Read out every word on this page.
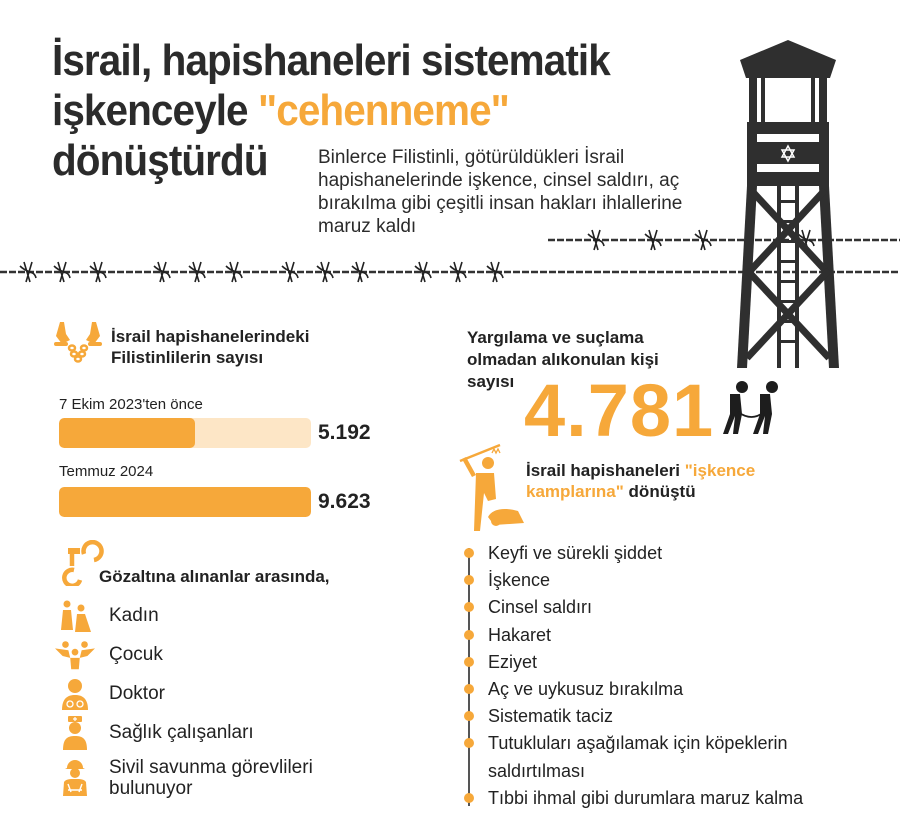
İsrail, hapishaneleri sistematik
işkenceyle "cehenneme"
dönüştürdü	Binlerce Filistinli, götürüldükleri İsrail hapishanelerinde işkence, cinsel saldırı, aç bırakılma gibi çeşitli insan hakları ihlallerine maruz kaldı
İsrail hapishanelerindeki Filistinlilerin sayısı
7 Ekim 2023'ten önce
5.192
Temmuz 2024
9.623
Gözaltına alınanlar arasında,
Kadın
Çocuk
Doktor
Sağlık çalışanları
Sivil savunma görevlileri bulunuyor
Yargılama ve suçlama olmadan alıkonulan kişi sayısı 4.781
İsrail hapishaneleri "işkence kamplarına" dönüştü
Keyfi ve sürekli şiddet
İşkence
Cinsel saldırı
Hakaret
Eziyet
Aç ve uykusuz bırakılma
Sistematik taciz
Tutukluları aşağılamak için köpeklerin saldırtılması
Tıbbi ihmal gibi durumlara maruz kalma
